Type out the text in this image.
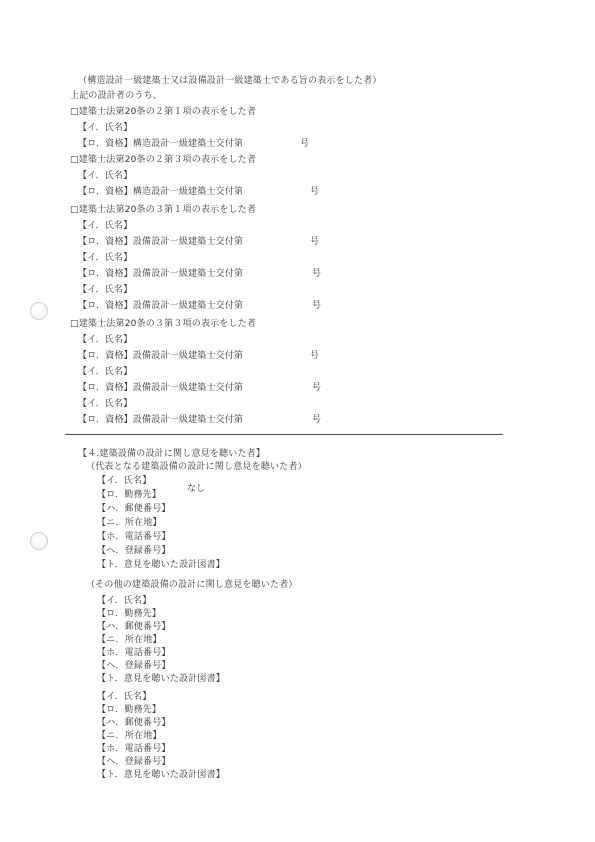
（構造設計一級建築士又は設備設計一級建築士である旨の表示をした者）
上記の設計者のうち、
□建築士法第20条の２第１項の表示をした者
【イ．氏名】
【ロ．資格】構造設計一級建築士交付第	号
□建築士法第20条の２第３項の表示をした者
【イ．氏名】
【ロ．資格】構造設計一級建築士交付第	号
□建築士法第20条の３第１項の表示をした者
【イ．氏名】
【ロ．資格】設備設計一級建築士交付第	号
【イ．氏名】
【ロ．資格】設備設計一級建築士交付第	号
【イ．氏名】
【ロ．資格】設備設計一級建築士交付第	号
□建築士法第20条の３第３項の表示をした者
【イ．氏名】
【ロ．資格】設備設計一級建築士交付第	号
【イ．氏名】
【ロ．資格】設備設計一級建築士交付第	号
【イ．氏名】
【ロ．資格】設備設計一級建築士交付第	号
【４.建築設備の設計に関し意見を聴いた者】
（代表となる建築設備の設計に関し意見を聴いた者）
なし
【イ．氏名】
【ロ．勤務先】
【ハ．郵便番号】
【ニ．所在地】
【ホ．電話番号】
【ヘ．登録番号】
【ト．意見を聴いた設計図書】
（その他の建築設備の設計に関し意見を聴いた者）
【イ．氏名】
【ロ．勤務先】
【ハ．郵便番号】
【ニ．所在地】
【ホ．電話番号】
【ヘ．登録番号】
【ト．意見を聴いた設計図書】
【イ．氏名】
【ロ．勤務先】
【ハ．郵便番号】
【ニ．所在地】
【ホ．電話番号】
【ヘ．登録番号】
【ト．意見を聴いた設計図書】
